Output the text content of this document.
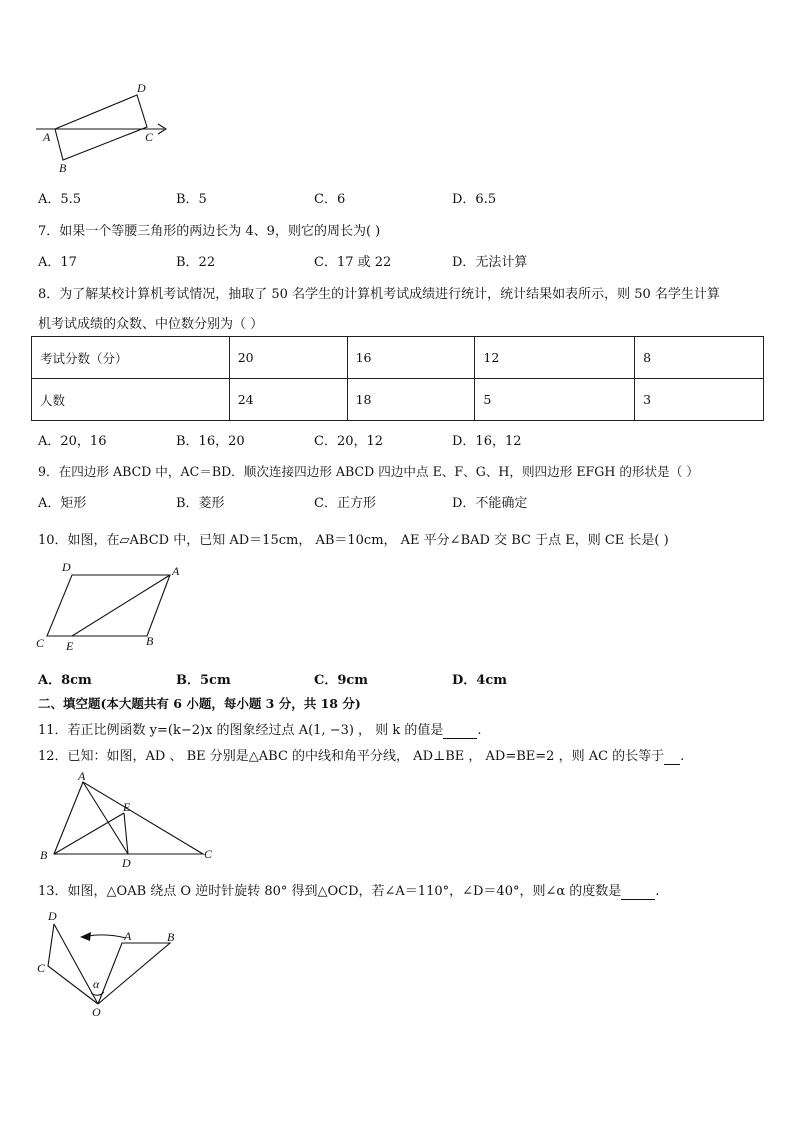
D
A	C
B
A．5.5	B．5	C．6	D．6.5
7．如果一个等腰三角形的两边长为 4、9，则它的周长为( )
A．17	B．22	C．17 或 22	D．无法计算
8．为了解某校计算机考试情况，抽取了 50 名学生的计算机考试成绩进行统计，统计结果如表所示，则 50 名学生计算
机考试成绩的众数、中位数分别为（ ）
考试分数（分）	20	16	12	8
人数	24	18	5	3
A．20，16	B．16，20	C．20，12	D．16，12
9．在四边形 ABCD 中，AC＝BD．顺次连接四边形 ABCD 四边中点 E、F、G、H，则四边形 EFGH 的形状是（ ）
A．矩形	B．菱形	C．正方形	D．不能确定
10．如图，在▱ABCD 中，已知 AD＝15cm， AB＝10cm， AE 平分∠BAD 交 BC 于点 E，则 CE 长是( )
D	A
C E	B
A．8cm	B．5cm	C．9cm	D．4cm
二、填空题(本大题共有 6 小题，每小题 3 分，共 18 分)
11．若正比例函数 y=(k−2)x 的图象经过点 A(1, −3) ， 则 k 的值是	.
12．已知：如图，AD 、 BE 分别是△ABC 的中线和角平分线， AD⊥BE ， AD=BE=2 ，则 AC 的长等于 .
A
E
B
D
C
13．如图，△OAB 绕点 O 逆时针旋转 80° 得到△OCD，若∠A＝110°，∠D＝40°，则∠α 的度数是	.
D
C
A	B
α
O
